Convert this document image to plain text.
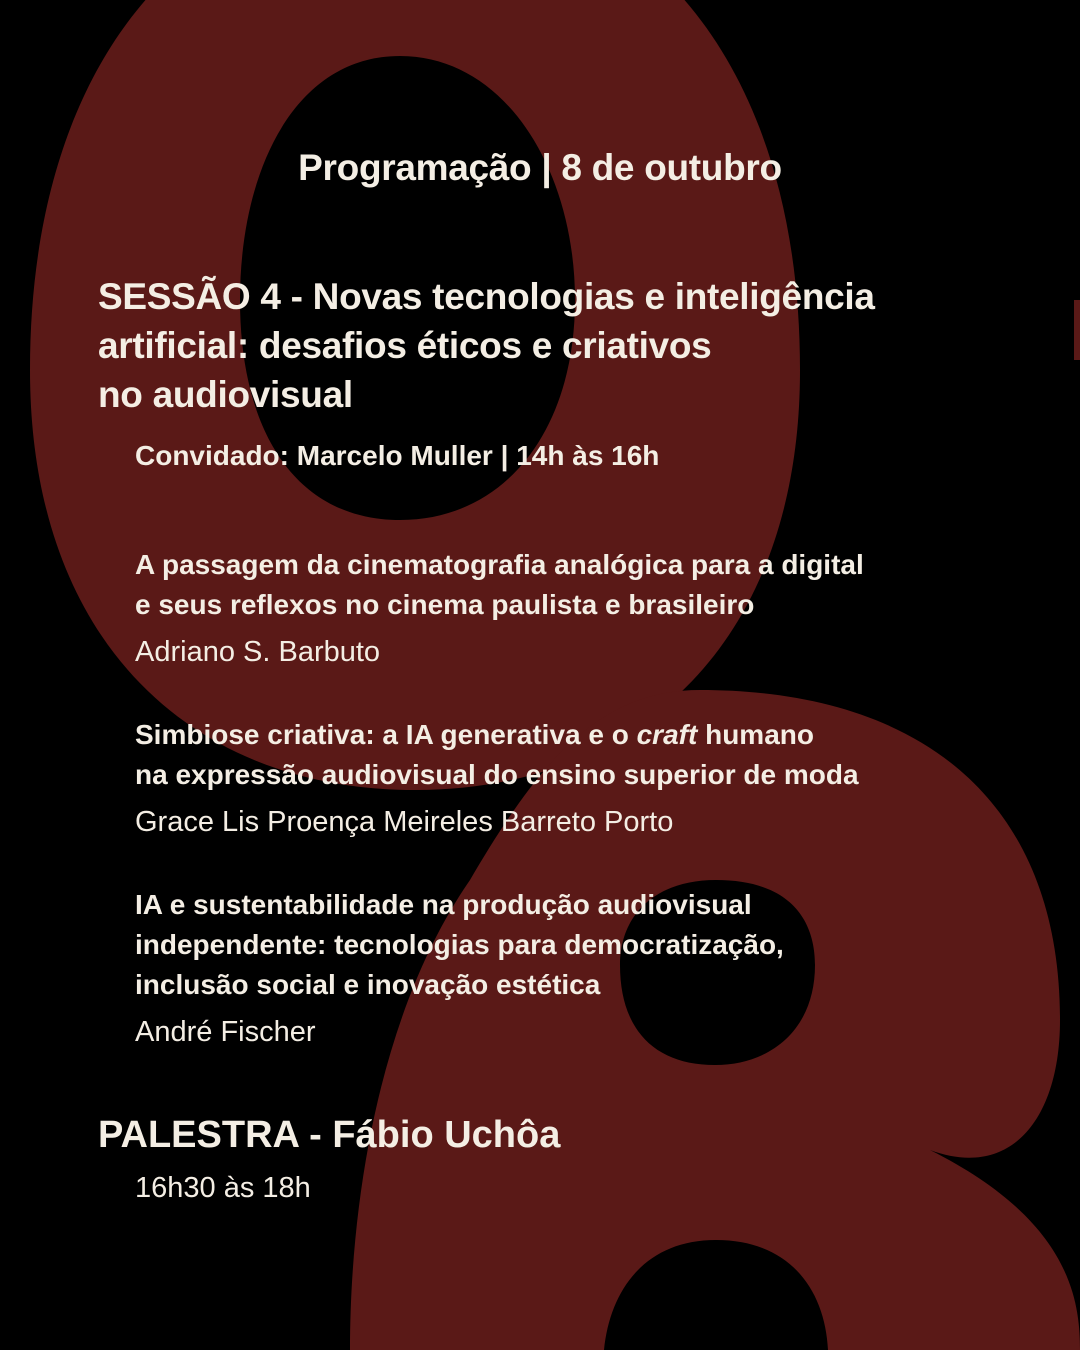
Programação | 8 de outubro
SESSÃO 4 - Novas tecnologias e inteligência
artificial: desafios éticos e criativos
no audiovisual
Convidado: Marcelo Muller | 14h às 16h
A passagem da cinematografia analógica para a digital
e seus reflexos no cinema paulista e brasileiro
Adriano S. Barbuto
Simbiose criativa: a IA generativa e o craft humano
na expressão audiovisual do ensino superior de moda
Grace Lis Proença Meireles Barreto Porto
IA e sustentabilidade na produção audiovisual
independente: tecnologias para democratização,
inclusão social e inovação estética
André Fischer
PALESTRA - Fábio Uchôa
16h30 às 18h
